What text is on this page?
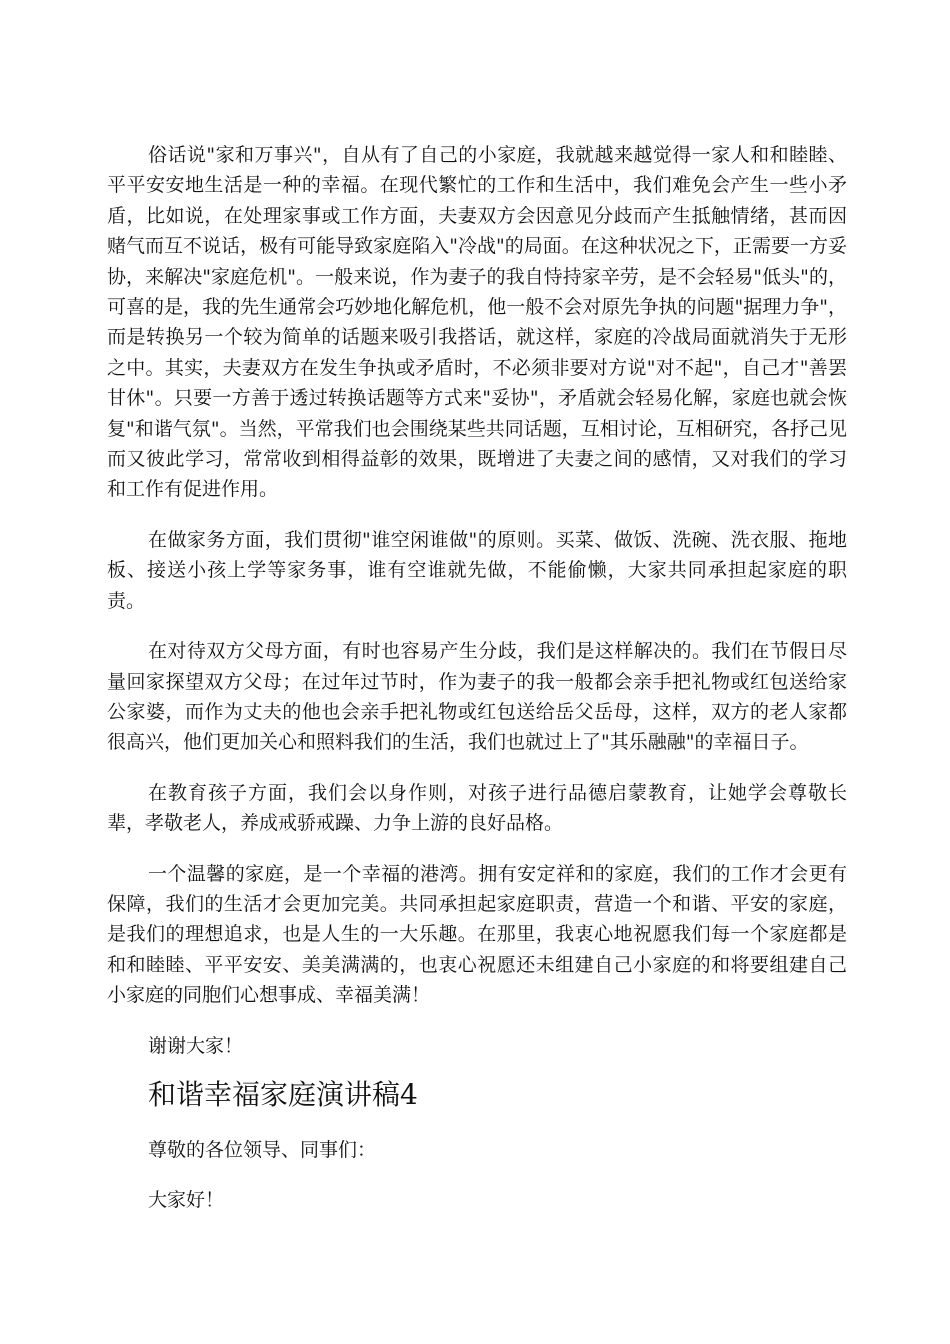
俗话说"家和万事兴"，自从有了自己的小家庭，我就越来越觉得一家人和和睦睦、平平安安地生活是一种的幸福。在现代繁忙的工作和生活中，我们难免会产生一些小矛盾，比如说，在处理家事或工作方面，夫妻双方会因意见分歧而产生抵触情绪，甚而因赌气而互不说话，极有可能导致家庭陷入"冷战"的局面。在这种状况之下，正需要一方妥协，来解决"家庭危机"。一般来说，作为妻子的我自恃持家辛劳，是不会轻易"低头"的，可喜的是，我的先生通常会巧妙地化解危机，他一般不会对原先争执的问题"据理力争"，而是转换另一个较为简单的话题来吸引我搭话，就这样，家庭的冷战局面就消失于无形之中。其实，夫妻双方在发生争执或矛盾时，不必须非要对方说"对不起"，自己才"善罢甘休"。只要一方善于透过转换话题等方式来"妥协"，矛盾就会轻易化解，家庭也就会恢复"和谐气氛"。当然，平常我们也会围绕某些共同话题，互相讨论，互相研究，各抒己见而又彼此学习，常常收到相得益彰的效果，既增进了夫妻之间的感情，又对我们的学习和工作有促进作用。

在做家务方面，我们贯彻"谁空闲谁做"的原则。买菜、做饭、洗碗、洗衣服、拖地板、接送小孩上学等家务事，谁有空谁就先做，不能偷懒，大家共同承担起家庭的职责。

在对待双方父母方面，有时也容易产生分歧，我们是这样解决的。我们在节假日尽量回家探望双方父母；在过年过节时，作为妻子的我一般都会亲手把礼物或红包送给家公家婆，而作为丈夫的他也会亲手把礼物或红包送给岳父岳母，这样，双方的老人家都很高兴，他们更加关心和照料我们的生活，我们也就过上了"其乐融融"的幸福日子。

在教育孩子方面，我们会以身作则，对孩子进行品德启蒙教育，让她学会尊敬长辈，孝敬老人，养成戒骄戒躁、力争上游的良好品格。

一个温馨的家庭，是一个幸福的港湾。拥有安定祥和的家庭，我们的工作才会更有保障，我们的生活才会更加完美。共同承担起家庭职责，营造一个和谐、平安的家庭，是我们的理想追求，也是人生的一大乐趣。在那里，我衷心地祝愿我们每一个家庭都是和和睦睦、平平安安、美美满满的，也衷心祝愿还未组建自己小家庭的和将要组建自己小家庭的同胞们心想事成、幸福美满！

谢谢大家！

和谐幸福家庭演讲稿4

尊敬的各位领导、同事们：

大家好！
